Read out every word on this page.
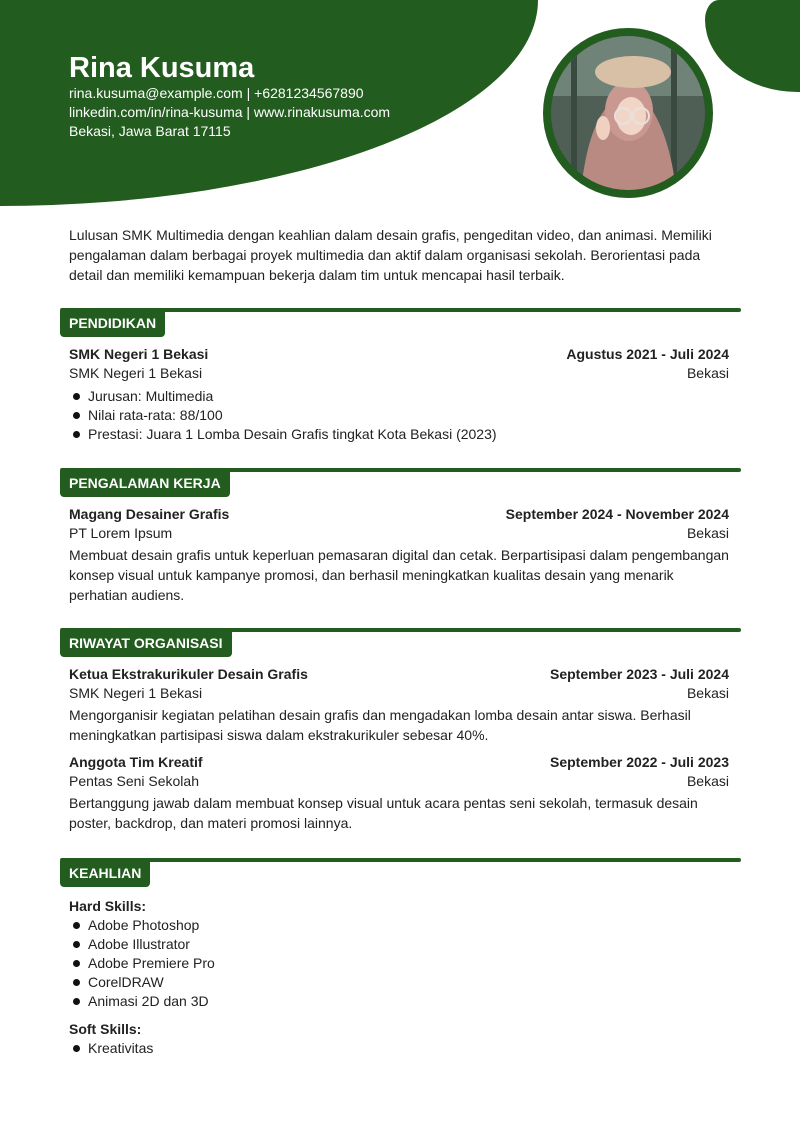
Rina Kusuma
rina.kusuma@example.com | +6281234567890
linkedin.com/in/rina-kusuma | www.rinakusuma.com
Bekasi, Jawa Barat 17115
Lulusan SMK Multimedia dengan keahlian dalam desain grafis, pengeditan video, dan animasi. Memiliki pengalaman dalam berbagai proyek multimedia dan aktif dalam organisasi sekolah. Berorientasi pada detail dan memiliki kemampuan bekerja dalam tim untuk mencapai hasil terbaik.
PENDIDIKAN
SMK Negeri 1 Bekasi	Agustus 2021 - Juli 2024
SMK Negeri 1 Bekasi	Bekasi
Jurusan: Multimedia
Nilai rata-rata: 88/100
Prestasi: Juara 1 Lomba Desain Grafis tingkat Kota Bekasi (2023)
PENGALAMAN KERJA
Magang Desainer Grafis	September 2024 - November 2024
PT Lorem Ipsum	Bekasi
Membuat desain grafis untuk keperluan pemasaran digital dan cetak. Berpartisipasi dalam pengembangan konsep visual untuk kampanye promosi, dan berhasil meningkatkan kualitas desain yang menarik perhatian audiens.
RIWAYAT ORGANISASI
Ketua Ekstrakurikuler Desain Grafis	September 2023 - Juli 2024
SMK Negeri 1 Bekasi	Bekasi
Mengorganisir kegiatan pelatihan desain grafis dan mengadakan lomba desain antar siswa. Berhasil meningkatkan partisipasi siswa dalam ekstrakurikuler sebesar 40%.
Anggota Tim Kreatif	September 2022 - Juli 2023
Pentas Seni Sekolah	Bekasi
Bertanggung jawab dalam membuat konsep visual untuk acara pentas seni sekolah, termasuk desain poster, backdrop, dan materi promosi lainnya.
KEAHLIAN
Hard Skills:
Adobe Photoshop
Adobe Illustrator
Adobe Premiere Pro
CorelDRAW
Animasi 2D dan 3D
Soft Skills:
Kreativitas
